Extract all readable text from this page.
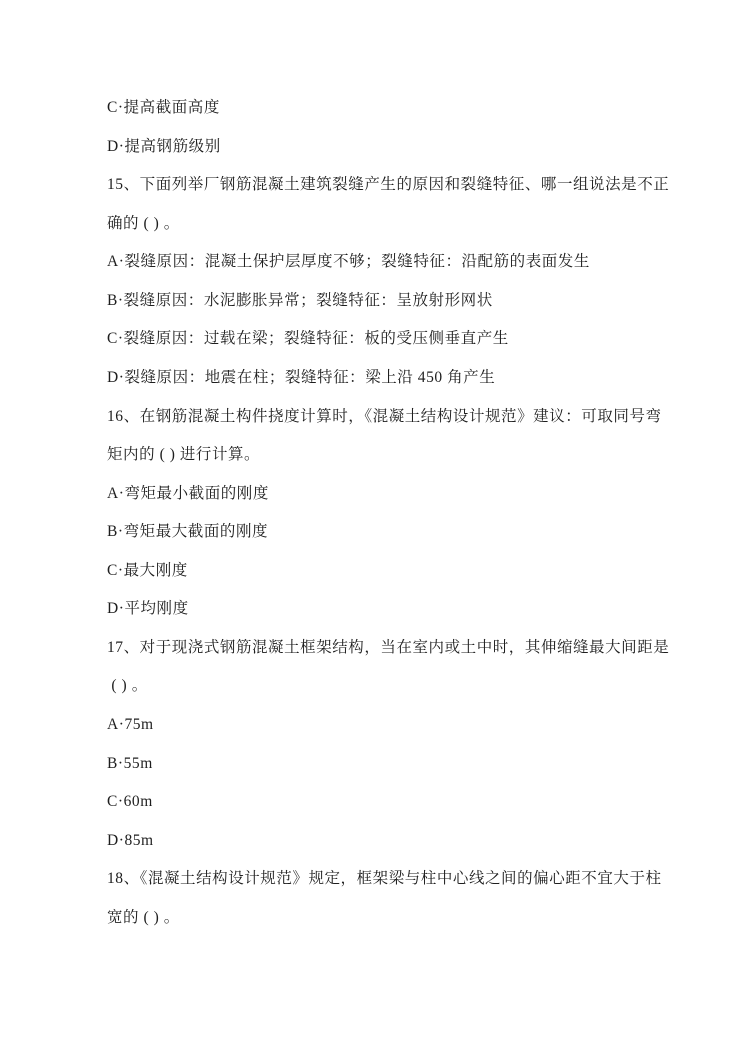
C·提高截面高度
D·提高钢筋级别
15、下面列举厂钢筋混凝土建筑裂缝产生的原因和裂缝特征、哪一组说法是不正
确的 ( ) 。
A·裂缝原因：混凝土保护层厚度不够；裂缝特征：沿配筋的表面发生
B·裂缝原因：水泥膨胀异常；裂缝特征：呈放射形网状
C·裂缝原因：过载在梁；裂缝特征：板的受压侧垂直产生
D·裂缝原因：地震在柱；裂缝特征：梁上沿 450 角产生
16、在钢筋混凝土构件挠度计算时，《混凝土结构设计规范》建议：可取同号弯
矩内的 ( ) 进行计算。
A·弯矩最小截面的刚度
B·弯矩最大截面的刚度
C·最大刚度
D·平均刚度
17、对于现浇式钢筋混凝土框架结构，当在室内或土中时，其伸缩缝最大间距是
( ) 。
A·75m
B·55m
C·60m
D·85m
18、《混凝土结构设计规范》规定，框架梁与柱中心线之间的偏心距不宜大于柱
宽的 ( ) 。
